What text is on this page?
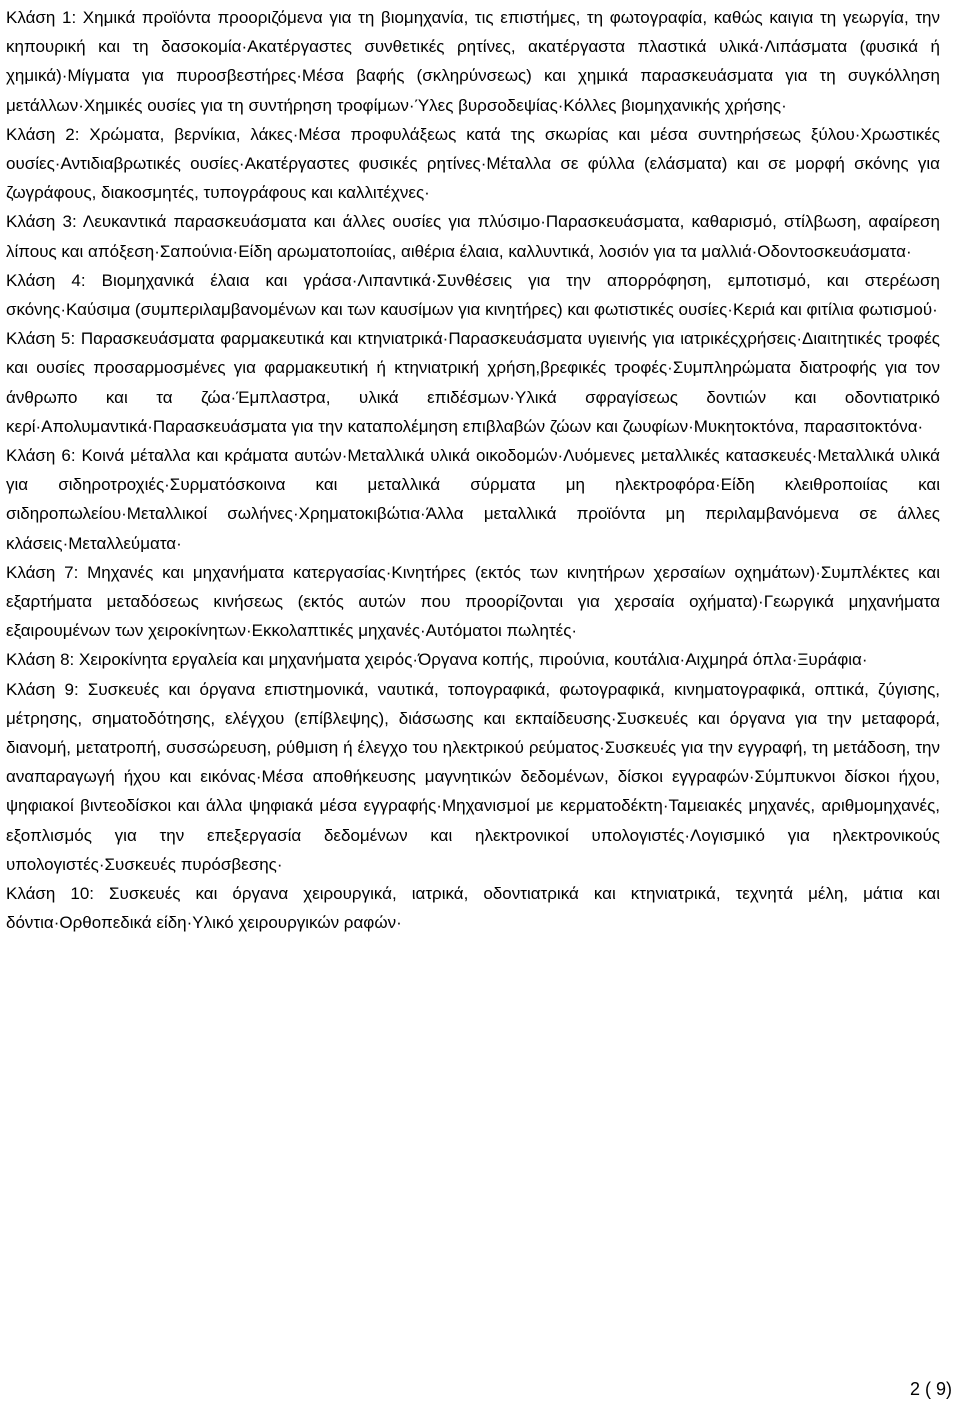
Κλάση 1: Χημικά προϊόντα προοριζόμενα για τη βιομηχανία, τις επιστήμες, τη φωτογραφία, καθώς καιγια τη γεωργία, την κηπουρική και τη δασοκομία·Ακατέργαστες συνθετικές ρητίνες, ακατέργαστα πλαστικά υλικά·Λιπάσματα (φυσικά ή χημικά)·Μίγματα για πυροσβεστήρες·Μέσα βαφής (σκληρύνσεως) και χημικά παρασκευάσματα για τη συγκόλληση μετάλλων·Χημικές ουσίες για τη συντήρηση τροφίμων·Ύλες βυρσοδεψίας·Κόλλες βιομηχανικής χρήσης·

Κλάση 2: Χρώματα, βερνίκια, λάκες·Μέσα προφυλάξεως κατά της σκωρίας και μέσα συντηρήσεως ξύλου·Χρωστικές ουσίες·Αντιδιαβρωτικές ουσίες·Ακατέργαστες φυσικές ρητίνες·Μέταλλα σε φύλλα (ελάσματα) και σε μορφή σκόνης για ζωγράφους, διακοσμητές, τυπογράφους και καλλιτέχνες·

Κλάση 3: Λευκαντικά παρασκευάσματα και άλλες ουσίες για πλύσιμο·Παρασκευάσματα, καθαρισμό, στίλβωση, αφαίρεση λίπους και απόξεση·Σαπούνια·Είδη αρωματοποιίας, αιθέρια έλαια, καλλυντικά, λοσιόν για τα μαλλιά·Οδοντοσκευάσματα·

Κλάση 4: Βιομηχανικά έλαια και γράσα·Λιπαντικά·Συνθέσεις για την απορρόφηση, εμποτισμό, και στερέωση σκόνης·Καύσιμα (συμπεριλαμβανομένων και των καυσίμων για κινητήρες) και φωτιστικές ουσίες·Κεριά και φιτίλια φωτισμού·

Κλάση 5: Παρασκευάσματα φαρμακευτικά και κτηνιατρικά·Παρασκευάσματα υγιεινής για ιατρικέςχρήσεις·Διαιτητικές τροφές και ουσίες προσαρμοσμένες για φαρμακευτική ή κτηνιατρική χρήση,βρεφικές τροφές·Συμπληρώματα διατροφής για τον άνθρωπο και τα ζώα·Έμπλαστρα, υλικά επιδέσμων·Υλικά σφραγίσεως δοντιών και οδοντιατρικό κερί·Απολυμαντικά·Παρασκευάσματα για την καταπολέμηση επιβλαβών ζώων και ζωυφίων·Μυκητοκτόνα, παρασιτοκτόνα·

Κλάση 6: Κοινά μέταλλα και κράματα αυτών·Μεταλλικά υλικά οικοδομών·Λυόμενες μεταλλικές κατασκευές·Μεταλλικά υλικά για σιδηροτροχιές·Συρματόσκοινα και μεταλλικά σύρματα μη ηλεκτροφόρα·Είδη κλειθροποιίας και σιδηροπωλείου·Μεταλλικοί σωλήνες·Χρηματοκιβώτια·Άλλα μεταλλικά προϊόντα μη περιλαμβανόμενα σε άλλες κλάσεις·Μεταλλεύματα·

Κλάση 7: Μηχανές και μηχανήματα κατεργασίας·Κινητήρες (εκτός των κινητήρων χερσαίων οχημάτων)·Συμπλέκτες και εξαρτήματα μεταδόσεως κινήσεως (εκτός αυτών που προορίζονται για χερσαία οχήματα)·Γεωργικά μηχανήματα εξαιρουμένων των χειροκίνητων·Εκκολαπτικές μηχανές·Αυτόματοι πωλητές·

Κλάση 8: Χειροκίνητα εργαλεία και μηχανήματα χειρός·Όργανα κοπής, πιρούνια, κουτάλια·Αιχμηρά όπλα·Ξυράφια·

Κλάση 9: Συσκευές και όργανα επιστημονικά, ναυτικά, τοπογραφικά, φωτογραφικά, κινηματογραφικά, οπτικά, ζύγισης, μέτρησης, σηματοδότησης, ελέγχου (επίβλεψης), διάσωσης και εκπαίδευσης·Συσκευές και όργανα για την μεταφορά, διανομή, μετατροπή, συσσώρευση, ρύθμιση ή έλεγχο του ηλεκτρικού ρεύματος·Συσκευές για την εγγραφή, τη μετάδοση, την αναπαραγωγή ήχου και εικόνας·Μέσα αποθήκευσης μαγνητικών δεδομένων, δίσκοι εγγραφών·Σύμπυκνοι δίσκοι ήχου, ψηφιακοί βιντεοδίσκοι και άλλα ψηφιακά μέσα εγγραφής·Μηχανισμοί με κερματοδέκτη·Ταμειακές μηχανές, αριθμομηχανές, εξοπλισμός για την επεξεργασία δεδομένων και ηλεκτρονικοί υπολογιστές·Λογισμικό για ηλεκτρονικούς υπολογιστές·Συσκευές πυρόσβεσης·

Κλάση 10: Συσκευές και όργανα χειρουργικά, ιατρικά, οδοντιατρικά και κτηνιατρικά, τεχνητά μέλη, μάτια και δόντια·Ορθοπεδικά είδη·Υλικό χειρουργικών ραφών·

2 ( 9)
